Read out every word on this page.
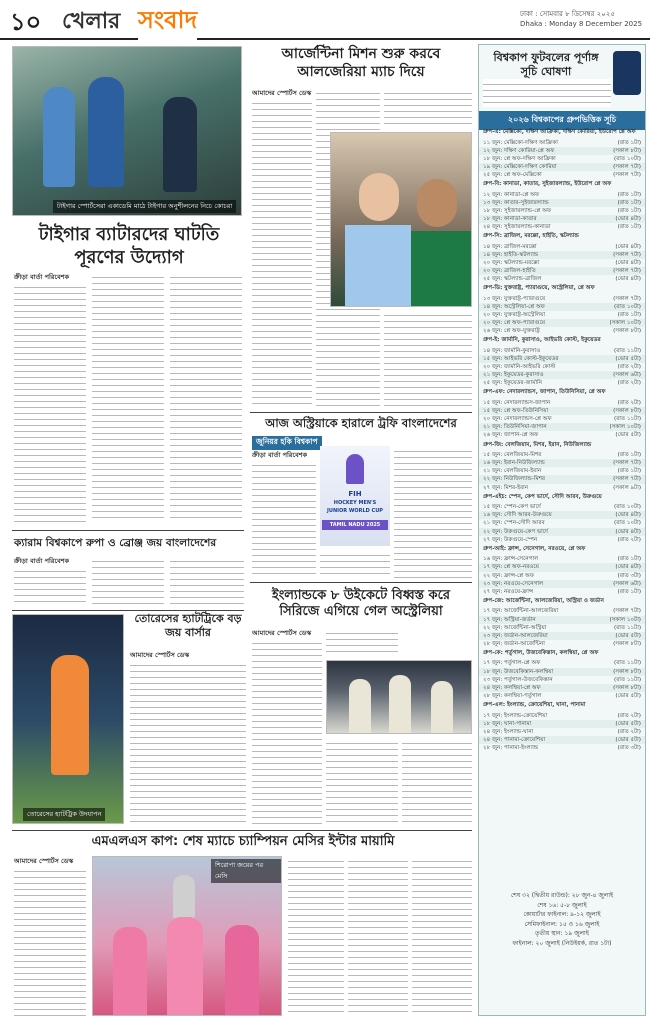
১০ খেলার সংবাদ	ঢাকা : সোমবার ৮ ডিসেম্বর ২০২৫
Dhaka : Monday 8 December 2025
টাইগার স্পোর্টসেরা একাডেমি মাঠে টাইগার অনুশীলনের নিচে কোচরা
টাইগার ব্যাটারদের ঘাটতি পূরণের উদ্যোগ
ক্রীড়া বার্তা পরিবেশক
ক্যারাম বিশ্বকাপে রুপা ও ব্রোঞ্জ জয় বাংলাদেশের
ক্রীড়া বার্তা পরিবেশক
আর্জেন্টিনা মিশন শুরু করবে আলজেরিয়া ম্যাচ দিয়ে
আমাদের স্পোর্টস ডেস্ক
আজ অস্ট্রিয়াকে হারালে ট্রফি বাংলাদেশের
জুনিয়র হকি বিশ্বকাপ
ক্রীড়া বার্তা পরিবেশক
FIH
HOCKEY MEN'S
JUNIOR WORLD CUP
TAMIL NADU 2025
তোরেসের হ্যাটট্রিক উদযাপন
তোরেসের হ্যাটট্রিকে বড় জয় বার্সার
আমাদের স্পোর্টস ডেস্ক
ইংল্যান্ডকে ৮ উইকেটে বিধ্বস্ত করে সিরিজে এগিয়ে গেল অস্ট্রেলিয়া
আমাদের স্পোর্টস ডেস্ক
এমএলএস কাপ: শেষ ম্যাচে চ্যাম্পিয়ন মেসির ইন্টার মায়ামি
আমাদের স্পোর্টস ডেস্ক	শিরোপা জয়ের পর মেসি
বিশ্বকাপ ফুটবলের পূর্ণাঙ্গ
সূচি ঘোষণা
২০২৬ বিশ্বকাপের গ্রুপভিত্তিক সূচি
গ্রুপ-এ: মেক্সিকো, দক্ষিণ আফ্রিকা, দক্ষিণ কোরিয়া, ইউরোপ প্লে অফ
১১ জুন: মেক্সিকো-দক্ষিণ আফ্রিকা	(রাত ১টা)
১২ জুন: দক্ষিণ কোরিয়া-প্লে অফ	(সকাল ৮টা)
১৮ জুন: প্লে অফ-দক্ষিণ আফ্রিকা	(রাত ১০টা)
১৯ জুন: মেক্সিকো-দক্ষিণ কোরিয়া	(সকাল ৭টা)
২৫ জুন: প্লে অফ-মেক্সিকো	(সকাল ৭টা)
গ্রুপ-বি: কানাডা, কাতার, সুইজারল্যান্ড, ইউরোপ প্লে অফ
১২ জুন: কানাডা-প্লে অফ	(রাত ১টা)
১৩ জুন: কাতার-সুইজারল্যান্ড	(রাত ১টা)
১৮ জুন: সুইজারল্যান্ড-প্লে অফ	(রাত ১টা)
১৮ জুন: কানাডা-কাতার	(ভোর ৪টা)
২৪ জুন: সুইজারল্যান্ড-কানাডা	(রাত ১টা)
গ্রুপ-সি: ব্রাজিল, মরক্কো, হাইতি, স্কটল্যান্ড
১৪ জুন: ব্রাজিল-মরক্কো	(ভোর ৪টা)
১৪ জুন: হাইতি-স্কটল্যান্ড	(সকাল ৭টা)
২০ জুন: স্কটল্যান্ড-মরক্কো	(ভোর ৪টা)
২০ জুন: ব্রাজিল-হাইতি	(সকাল ৭টা)
২৫ জুন: স্কটল্যান্ড-ব্রাজিল	(ভোর ৪টা)
গ্রুপ-ডি: যুক্তরাষ্ট্র, প্যারাগুয়ে, অস্ট্রেলিয়া, প্লে অফ
১৩ জুন: যুক্তরাষ্ট্র-প্যারাগুয়ে	(সকাল ৭টা)
১৪ জুন: অস্ট্রেলিয়া-প্লে অফ	(রাত ১০টা)
২০ জুন: যুক্তরাষ্ট্র-অস্ট্রেলিয়া	(রাত ১টা)
২০ জুন: প্লে অফ-প্যারাগুয়ে	(সকাল ১০টা)
২৬ জুন: প্লে অফ-যুক্তরাষ্ট্র	(সকাল ৮টা)
গ্রুপ-ই: জার্মানি, কুরাসাও, আইভরি কোস্ট, ইকুয়েডর
১৪ জুন: জার্মানি-কুরাসাও	(রাত ১১টা)
১৫ জুন: আইভরি কোস্ট-ইকুয়েডর	(ভোর ৫টা)
২০ জুন: জার্মানি-আইভরি কোস্ট	(রাত ২টা)
২১ জুন: ইকুয়েডর-কুরাসাও	(সকাল ৬টা)
২৫ জুন: ইকুয়েডর-জার্মানি	(রাত ২টা)
গ্রুপ-এফ: নেদারল্যান্ডস, জাপান, তিউনিসিয়া, প্লে অফ
১৫ জুন: নেদারল্যান্ডস-জাপান	(রাত ২টা)
১৫ জুন: প্লে অফ-তিউনিসিয়া	(সকাল ৮টা)
২০ জুন: নেদারল্যান্ডস-প্লে অফ	(রাত ১১টা)
২১ জুন: তিউনিসিয়া-জাপান	(সকাল ১০টা)
২৬ জুন: জাপান-প্লে অফ	(ভোর ৫টা)
গ্রুপ-জি: বেলজিয়াম, মিশর, ইরান, নিউজিল্যান্ড
১৫ জুন: বেলজিয়াম-মিশর	(রাত ১টা)
১৬ জুন: ইরান-নিউজিল্যান্ড	(সকাল ৭টা)
২১ জুন: বেলজিয়াম-ইরান	(রাত ১টা)
২২ জুন: নিউজিল্যান্ড-মিশর	(সকাল ৭টা)
২৭ জুন: মিশর-ইরান	(সকাল ৯টা)
গ্রুপ-এইচ: স্পেন, কেপ ভার্দে, সৌদি আরব, উরুগুয়ে
১৫ জুন: স্পেন-কেপ ভার্দে	(রাত ১০টা)
১৬ জুন: সৌদি আরব-উরুগুয়ে	(ভোর ৪টা)
২১ জুন: স্পেন-সৌদি আরব	(রাত ১০টা)
২২ জুন: উরুগুয়ে-কেপ ভার্দে	(ভোর ৪টা)
২৭ জুন: উরুগুয়ে-স্পেন	(রাত ২টা)
গ্রুপ-আই: ফ্রান্স, সেনেগাল, নরওয়ে, প্লে অফ
১৬ জুন: ফ্রান্স-সেনেগাল	(রাত ১টা)
১৭ জুন: প্লে অফ-নরওয়ে	(ভোর ৪টা)
২২ জুন: ফ্রান্স-প্লে অফ	(রাত ৩টা)
২৩ জুন: নরওয়ে-সেনেগাল	(সকাল ৬টা)
২৭ জুন: নরওয়ে-ফ্রান্স	(রাত ১টা)
গ্রুপ-জে: আর্জেন্টিনা, আলজেরিয়া, অস্ট্রিয়া ও জর্ডান
১৭ জুন: আর্জেন্টিনা-আলজেরিয়া	(সকাল ৭টা)
১৭ জুন: অস্ট্রিয়া-জর্ডান	(সকাল ১০টা)
২২ জুন: আর্জেন্টিনা-অস্ট্রিয়া	(রাত ১১টা)
২৩ জুন: জর্ডান-আলজেরিয়া	(ভোর ৫টা)
২৮ জুন: জর্ডান-আর্জেন্টিনা	(সকাল ৮টা)
গ্রুপ-কে: পর্তুগাল, উজবেকিস্তান, কলম্বিয়া, প্লে অফ
১৭ জুন: পর্তুগাল-প্লে অফ	(রাত ১১টা)
১৮ জুন: উজবেকিস্তান-কলম্বিয়া	(সকাল ৮টা)
২৩ জুন: পর্তুগাল-উজবেকিস্তান	(রাত ১১টা)
২৪ জুন: কলম্বিয়া-প্লে অফ	(সকাল ৮টা)
২৮ জুন: কলম্বিয়া-পর্তুগাল	(ভোর ৫টা)
গ্রুপ-এল: ইংল্যান্ড, ক্রোয়েশিয়া, ঘানা, পানামা
১৭ জুন: ইংল্যান্ড-ক্রোয়েশিয়া	(রাত ২টা)
১৮ জুন: ঘানা-পানামা	(ভোর ৫টা)
২৪ জুন: ইংল্যান্ড-ঘানা	(রাত ২টা)
২৪ জুন: পানামা-ক্রোয়েশিয়া	(ভোর ৫টা)
২৮ জুন: পানামা-ইংল্যান্ড	(রাত ৩টা)
শেষ ৩২ (দ্বিতীয় রাউন্ড): ২৮ জুন-৪ জুলাই
শেষ ১৬: ৫-৮ জুলাই
কোয়ার্টার ফাইনাল: ৯-১২ জুলাই
সেমিফাইনাল: ১৫ ও ১৬ জুলাই
তৃতীয় স্থান: ১৯ জুলাই
ফাইনাল: ২০ জুলাই (নিউইয়র্ক, রাত ১টা)
